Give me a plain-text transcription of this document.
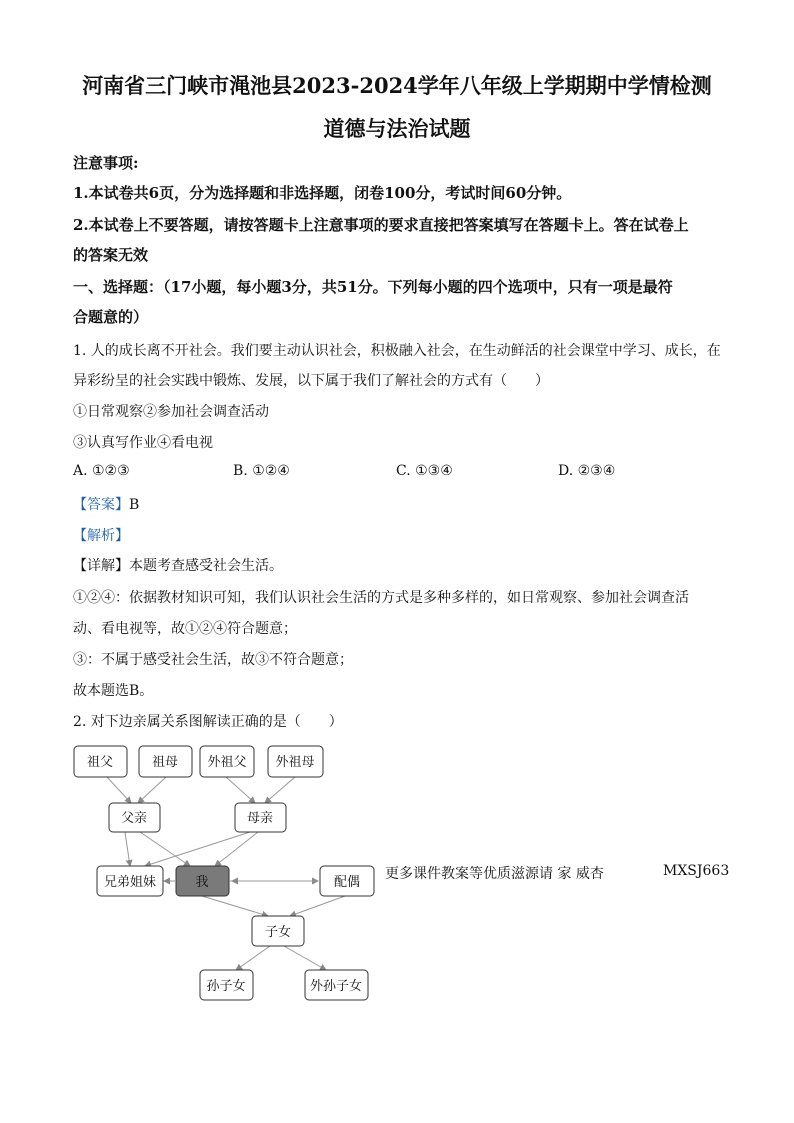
河南省三门峡市渑池县2023-2024学年八年级上学期期中学情检测
道德与法治试题
注意事项:
1.本试卷共6页，分为选择题和非选择题，闭卷100分，考试时间60分钟。
2.本试卷上不要答题，请按答题卡上注意事项的要求直接把答案填写在答题卡上。答在试卷上
的答案无效
一、选择题：（17小题，每小题3分，共51分。下列每小题的四个选项中，只有一项是最符
合题意的）
1. 人的成长离不开社会。我们要主动认识社会，积极融入社会，在生动鲜活的社会课堂中学习、成长，在
异彩纷呈的社会实践中锻炼、发展，以下属于我们了解社会的方式有（　　）
①日常观察②参加社会调查活动
③认真写作业④看电视
A. ①②③	B. ①②④	C. ①③④	D. ②③④
【答案】B
【解析】
【详解】本题考查感受社会生活。
①②④：依据教材知识可知，我们认识社会生活的方式是多种多样的，如日常观察、参加社会调查活
动、看电视等，故①②④符合题意；
③：不属于感受社会生活，故③不符合题意；
故本题选B。
2. 对下边亲属关系图解读正确的是（　　）
祖父	祖母 外祖父 外祖母
父亲	母亲
兄弟姐妹	我	配偶
子女
孙子女	外孙子女
更多课件教案等优质滋源请 家 威杏	MXSJ663
